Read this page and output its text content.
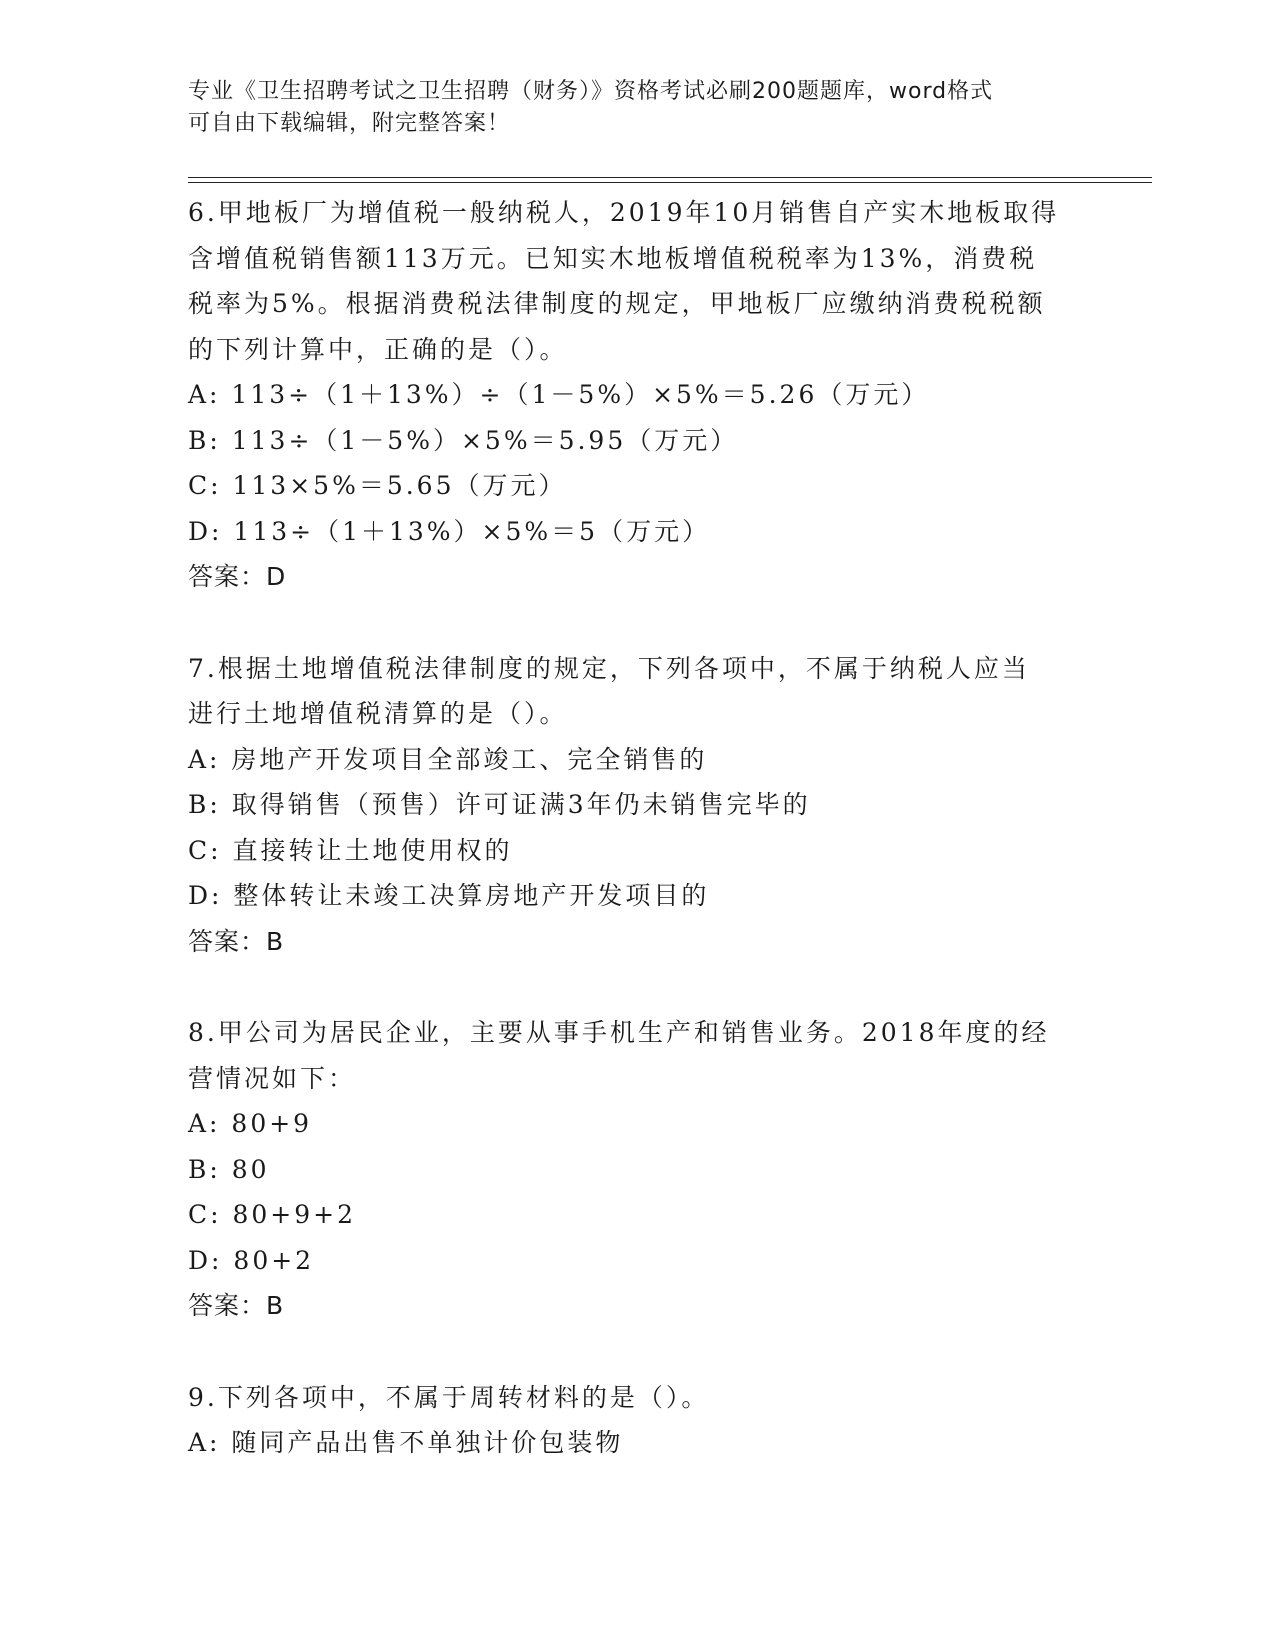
专业《卫生招聘考试之卫生招聘（财务）》资格考试必刷200题题库，word格式
可自由下载编辑，附完整答案！
6.甲地板厂为增值税一般纳税人，2019年10月销售自产实木地板取得
含增值税销售额113万元。已知实木地板增值税税率为13%，消费税
税率为5%。根据消费税法律制度的规定，甲地板厂应缴纳消费税税额
的下列计算中，正确的是（）。
A: 113÷（1＋13%）÷（1－5%）×5%＝5.26（万元）
B: 113÷（1－5%）×5%＝5.95（万元）
C: 113×5%＝5.65（万元）
D: 113÷（1＋13%）×5%＝5（万元）
答案：D
7.根据土地增值税法律制度的规定，下列各项中，不属于纳税人应当
进行土地增值税清算的是（）。
A: 房地产开发项目全部竣工、完全销售的
B: 取得销售（预售）许可证满3年仍未销售完毕的
C: 直接转让土地使用权的
D: 整体转让未竣工决算房地产开发项目的
答案：B
8.甲公司为居民企业，主要从事手机生产和销售业务。2018年度的经
营情况如下：
A: 80+9
B: 80
C: 80+9+2
D: 80+2
答案：B
9.下列各项中，不属于周转材料的是（）。
A: 随同产品出售不单独计价包装物
